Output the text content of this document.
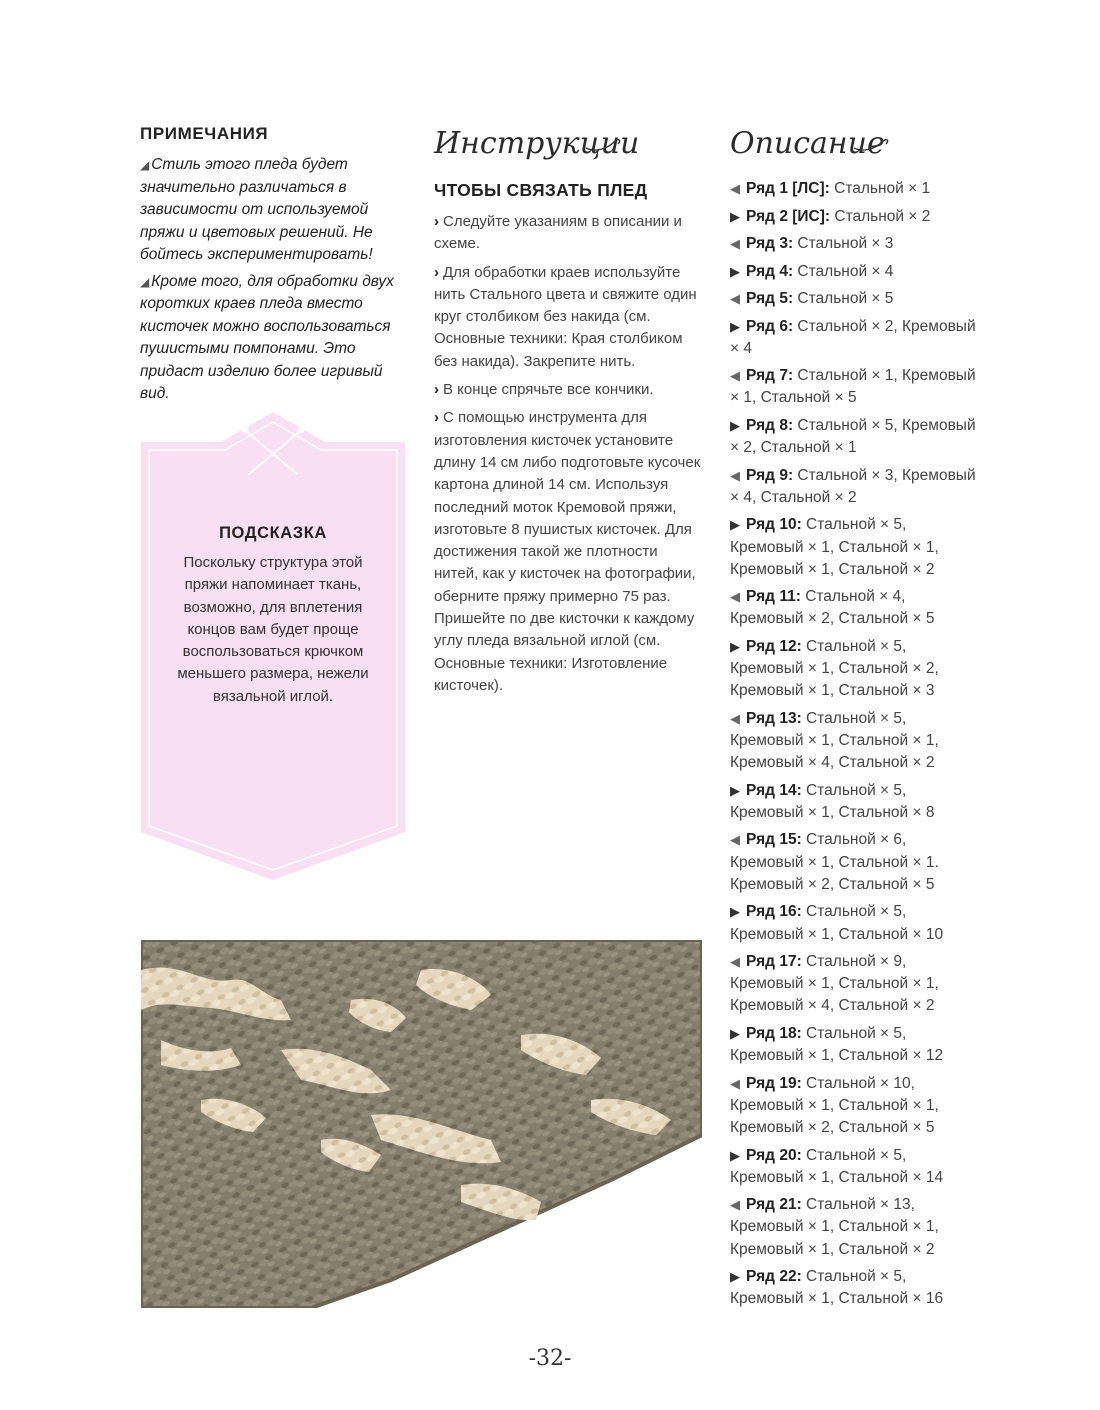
ПРИМЕЧАНИЯ

◢ Стиль этого пледа будет значительно различаться в зависимости от используемой пряжи и цветовых решений. Не бойтесь экспериментировать!

◢ Кроме того, для обработки двух коротких краев пледа вместо кисточек можно воспользоваться пушистыми помпонами. Это придаст изделию более игривый вид.

ПОДСКАЗКА
Поскольку структура этой пряжи напоминает ткань, возможно, для вплетения концов вам будет проще воспользоваться крючком меньшего размера, нежели вязальной иглой.
Инструкции
ЧТОБЫ СВЯЗАТЬ ПЛЕД

› Следуйте указаниям в описании и схеме.

› Для обработки краев используйте нить Стального цвета и свяжите один круг столбиком без накида (см. Основные техники: Края столбиком без накида). Закрепите нить.

› В конце спрячьте все кончики.

› С помощью инструмента для изготовления кисточек установите длину 14 см либо подготовьте кусочек картона длиной 14 см. Используя последний моток Кремовой пряжи, изготовьте 8 пушистых кисточек. Для достижения такой же плотности нитей, как у кисточек на фотографии, оберните пряжу примерно 75 раз. Пришейте по две кисточки к каждому углу пледа вязальной иглой (см. Основные техники: Изготовление кисточек).

Описание
◀ Ряд 1 [ЛС]: Стальной × 1
▶ Ряд 2 [ИС]: Стальной × 2
◀ Ряд 3: Стальной × 3
▶ Ряд 4: Стальной × 4
◀ Ряд 5: Стальной × 5
▶ Ряд 6: Стальной × 2, Кремовый × 4
◀ Ряд 7: Стальной × 1, Кремовый × 1, Стальной × 5
▶ Ряд 8: Стальной × 5, Кремовый × 2, Стальной × 1
◀ Ряд 9: Стальной × 3, Кремовый × 4, Стальной × 2
▶ Ряд 10: Стальной × 5, Кремовый × 1, Стальной × 1, Кремовый × 1, Стальной × 2
◀ Ряд 11: Стальной × 4, Кремовый × 2, Стальной × 5
▶ Ряд 12: Стальной × 5, Кремовый × 1, Стальной × 2, Кремовый × 1, Стальной × 3
◀ Ряд 13: Стальной × 5, Кремовый × 1, Стальной × 1, Кремовый × 4, Стальной × 2
▶ Ряд 14: Стальной × 5, Кремовый × 1, Стальной × 8
◀ Ряд 15: Стальной × 6, Кремовый × 1, Стальной × 1. Кремовый × 2, Стальной × 5
▶ Ряд 16: Стальной × 5, Кремовый × 1, Стальной × 10
◀ Ряд 17: Стальной × 9, Кремовый × 1, Стальной × 1, Кремовый × 4, Стальной × 2
▶ Ряд 18: Стальной × 5, Кремовый × 1, Стальной × 12
◀ Ряд 19: Стальной × 10, Кремовый × 1, Стальной × 1, Кремовый × 2, Стальной × 5
▶ Ряд 20: Стальной × 5, Кремовый × 1, Стальной × 14
◀ Ряд 21: Стальной × 13, Кремовый × 1, Стальной × 1, Кремовый × 1, Стальной × 2
▶ Ряд 22: Стальной × 5, Кремовый × 1, Стальной × 16
-32-
